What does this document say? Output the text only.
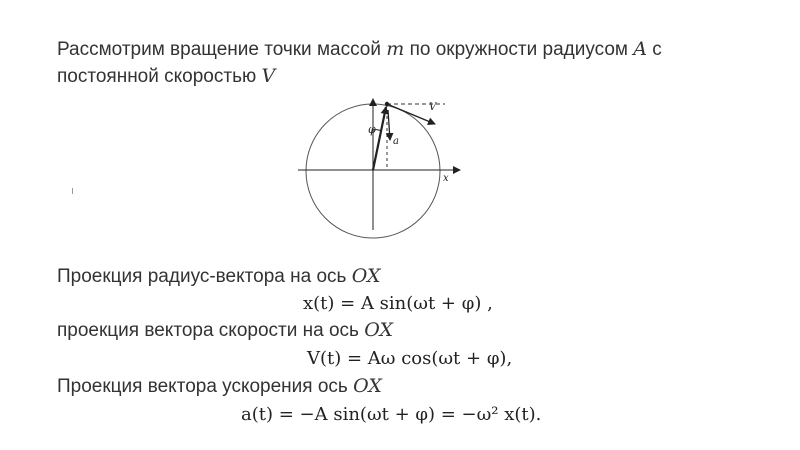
Рассмотрим вращение точки массой m по окружности радиусом A с
постоянной скоростью V
V
φ
a
x
Проекция радиус-вектора на ось OX
x(t) = A sin(ωt + φ) ,
проекция вектора скорости на ось OX
V(t) = Aω cos(ωt + φ),
Проекция вектора ускорения ось OX
a(t) = −A sin(ωt + φ) = −ω² x(t).
